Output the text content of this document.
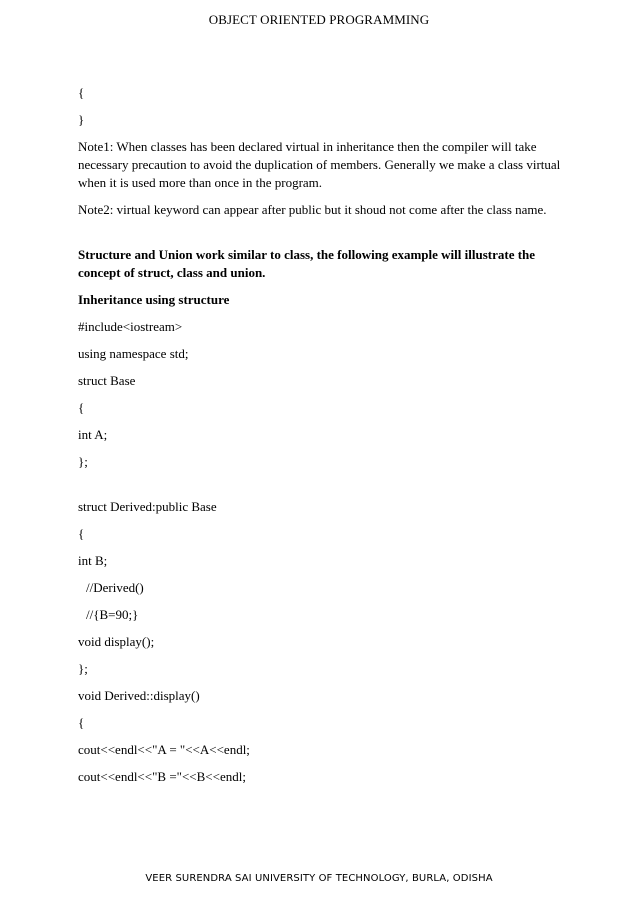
OBJECT ORIENTED PROGRAMMING
{
}
Note1: When classes has been declared virtual in inheritance then the compiler will take necessary precaution to avoid the duplication of members. Generally we make a class virtual when it is used more than once in the program.
Note2: virtual keyword can appear after public but it shoud not come after the class name.
Structure and Union work similar to class, the following example will illustrate the concept of struct, class and union.
Inheritance using structure
#include<iostream>
using namespace std;
struct Base
{
int A;
};
struct Derived:public Base
{
int B;
//Derived()
//{B=90;}
void display();
};
void Derived::display()
{
cout<<endl<<"A = "<<A<<endl;
cout<<endl<<"B ="<<B<<endl;
VEER SURENDRA SAI UNIVERSITY OF TECHNOLOGY, BURLA, ODISHA
